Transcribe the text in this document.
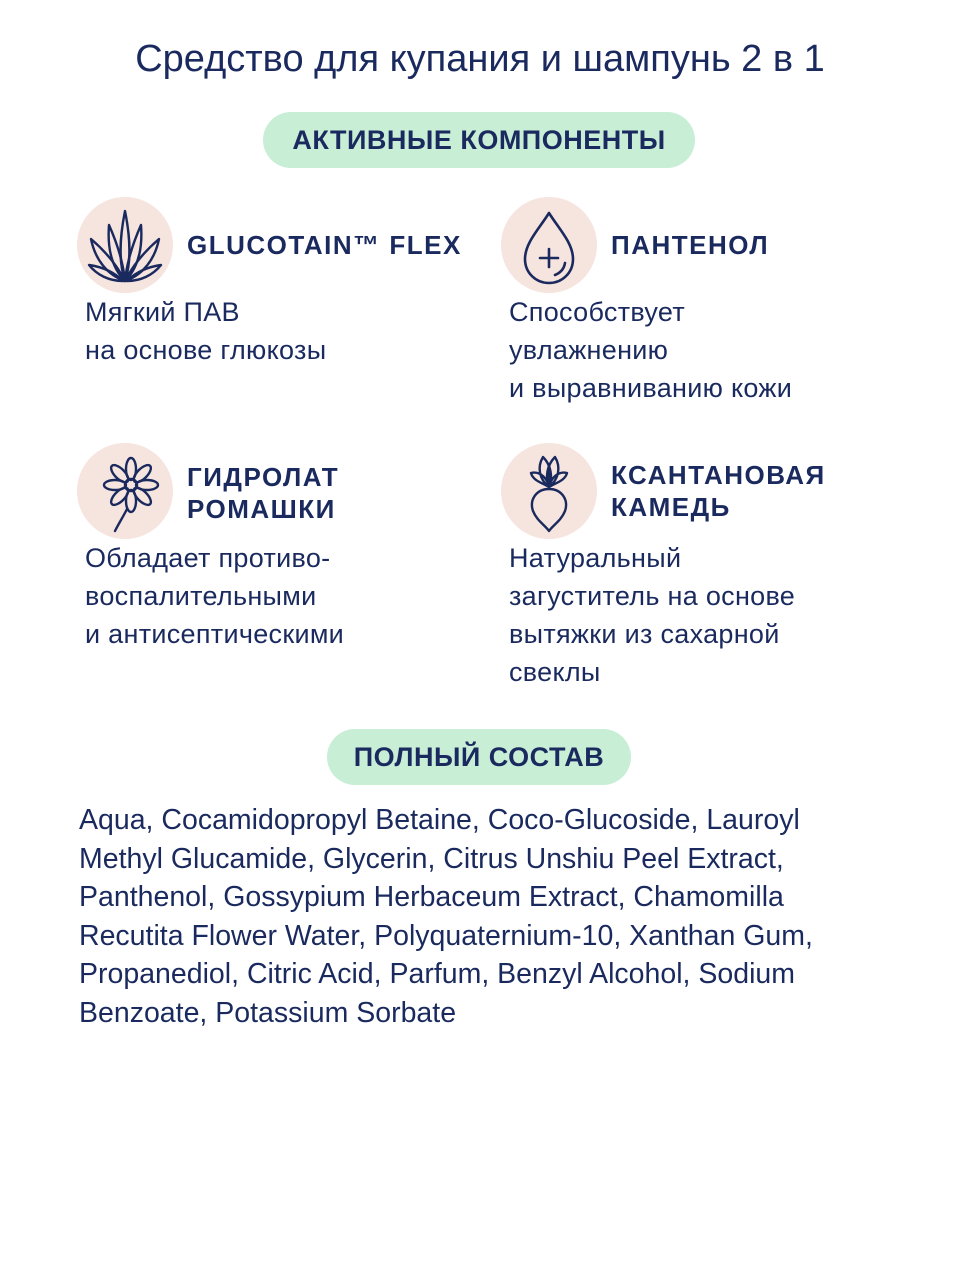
Средство для купания и шампунь 2 в 1
АКТИВНЫЕ КОМПОНЕНТЫ
GLUCOTAIN™ FLEX
Мягкий ПАВ
на основе глюкозы
ПАНТЕНОЛ
Способствует
увлажнению
и выравниванию кожи
ГИДРОЛАТ
РОМАШКИ
Обладает противо-
воспалительными
и антисептическими
КСАНТАНОВАЯ
КАМЕДЬ
Натуральный
загуститель на основе
вытяжки из сахарной
свеклы
ПОЛНЫЙ СОСТАВ
Aqua, Cocamidopropyl Betaine, Coco-Glucoside, Lauroyl
Methyl Glucamide, Glycerin, Citrus Unshiu Peel Extract,
Panthenol, Gossypium Herbaceum Extract, Chamomilla
Recutita Flower Water, Polyquaternium-10, Xanthan Gum,
Propanediol, Citric Acid, Parfum, Benzyl Alcohol, Sodium
Benzoate, Potassium Sorbate
